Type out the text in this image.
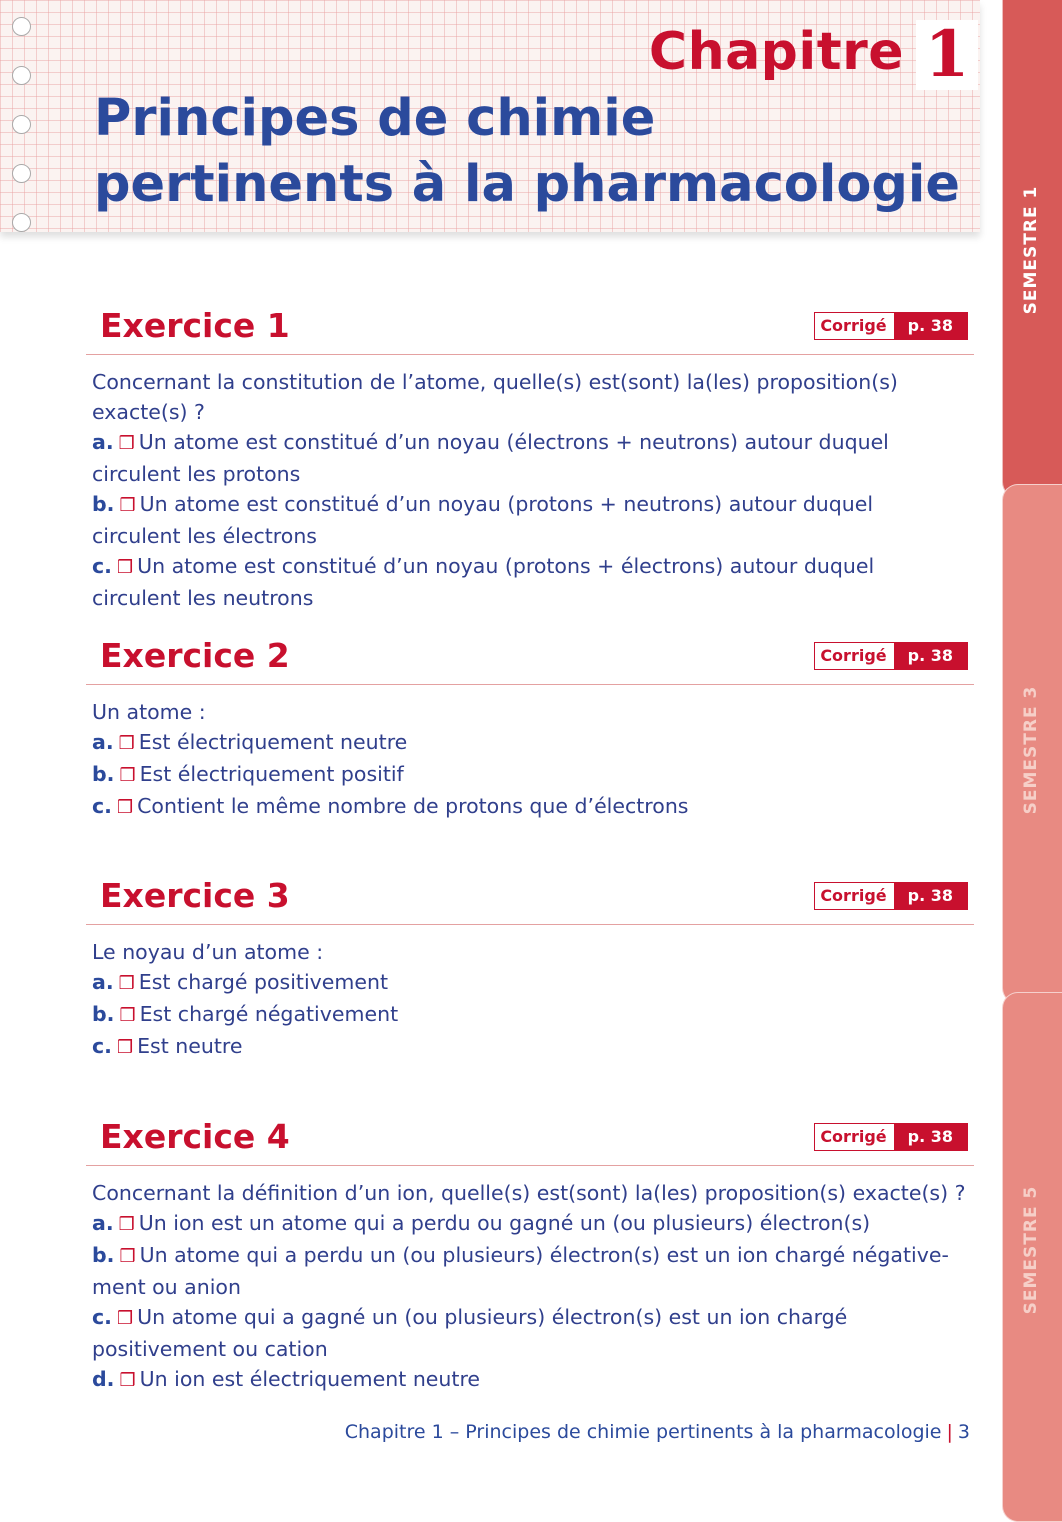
SEMESTRE 1
SEMESTRE 3
SEMESTRE 5
Chapitre 1
Principes de chimie
pertinents à la pharmacologie
Exercice 1	Corrigé	p. 38

Concernant la constitution de l’atome, quelle(s) est(sont) la(les) proposition(s) exacte(s) ?

a. ❒ Un atome est constitué d’un noyau (électrons + neutrons) autour duquel circulent les protons

b. ❒ Un atome est constitué d’un noyau (protons + neutrons) autour duquel circulent les électrons

c. ❒ Un atome est constitué d’un noyau (protons + électrons) autour duquel circulent les neutrons

Exercice 2	Corrigé	p. 38

Un atome :

a. ❒ Est électriquement neutre

b. ❒ Est électriquement positif

c. ❒ Contient le même nombre de protons que d’électrons

Exercice 3	Corrigé	p. 38

Le noyau d’un atome :

a. ❒ Est chargé positivement

b. ❒ Est chargé négativement

c. ❒ Est neutre

Exercice 4	Corrigé	p. 38

Concernant la définition d’un ion, quelle(s) est(sont) la(les) proposition(s) exacte(s) ?

a. ❒ Un ion est un atome qui a perdu ou gagné un (ou plusieurs) électron(s)

b. ❒ Un atome qui a perdu un (ou plusieurs) électron(s) est un ion chargé négative- ment ou anion

c. ❒ Un atome qui a gagné un (ou plusieurs) électron(s) est un ion chargé positivement ou cation

d. ❒ Un ion est électriquement neutre

Chapitre 1 – Principes de chimie pertinents à la pharmacologie | 3
